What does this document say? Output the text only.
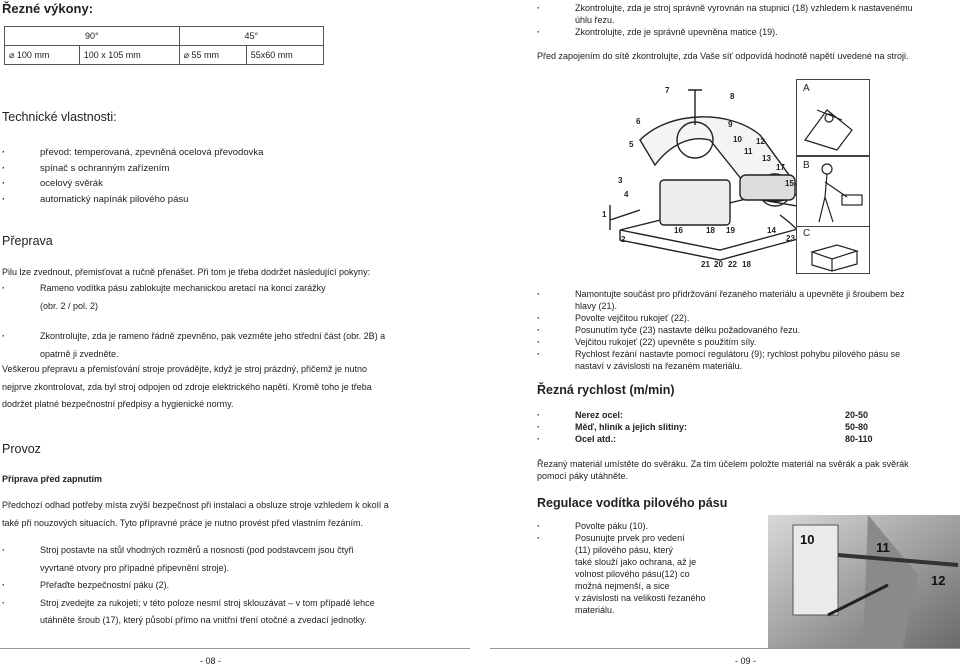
Řezné výkony:
90°		45°	
⌀ 100 mm	100 x 105 mm	⌀ 55 mm	55x60 mm
Technické vlastnosti:
· převod: temperovaná, zpevněná ocelová převodovka
· spínač s ochranným zařízením
· ocelový svěrák
· automatický napínák pilového pásu
Přeprava
Pilu lze zvednout, přemisťovat a ručně přenášet. Při tom je třeba dodržet následující pokyny:
· Rameno vodítka pásu zablokujte mechanickou aretací na konci zarážky
(obr. 2 / pol. 2)
· Zkontrolujte, zda je rameno řádně zpevněno, pak vezměte jeho střední část (obr. 2B) a
opatrně ji zvedněte.
Veškerou přepravu a přemisťování stroje provádějte, když je stroj prázdný, přičemž je nutno
nejprve zkontrolovat, zda byl stroj odpojen od zdroje elektrického napětí. Kromě toho je třeba
dodržet platné bezpečnostní předpisy a hygienické normy.
Provoz
Příprava před zapnutím
Předchozí odhad potřeby místa zvýší bezpečnost při instalaci a obsluze stroje vzhledem k okolí a
také při nouzových situacích. Tyto přípravné práce je nutno provést před vlastním řezáním.
· Stroj postavte na stůl vhodných rozměrů a nosnosti (pod podstavcem jsou čtyři
vyvrtané otvory pro případné připevnění stroje).
· Přeřaďte bezpečnostní páku (2).
· Stroj zvedejte za rukojeti; v této poloze nesmí stroj sklouzávat – v tom případě lehce
utáhněte šroub (17), který působí přímo na vnitřní tření otočné a zvedací jednotky.
- 08 -
· Zkontrolujte, zda je stroj správně vyrovnán na stupnici (18) vzhledem k nastavenému
úhlu řezu.
· Zkontrolujte, zde je správně upevněna matice (19).
Před zapojením do sítě zkontrolujte, zda Vaše síť odpovídá hodnotě napětí uvedené na stroji.
7
8
6	9
10
5
11
12
13
17
15
3
4
1
2
16	18 19	14
23
21 20 22 18
A
B
C
· Namontujte součást pro přidržování řezaného materiálu a upevněte ji šroubem bez
hlavy (21).
· Povolte vejčitou rukojeť (22).
· Posunutím tyče (23) nastavte délku požadovaného řezu.
· Vejčitou rukojeť (22) upevněte s použitím síly.
· Rychlost řezání nastavte pomocí regulátoru (9); rychlost pohybu pilového pásu se
nastaví v závislosti na řezaném materiálu.
Řezná rychlost (m/min)
· Nerez ocel:	20-50
· Měď, hliník a jejich slitiny:	50-80
· Ocel atd.:	80-110
Řezaný materiál umístěte do svěráku. Za tím účelem položte materiál na svěrák a pak svěrák
pomocí páky utáhněte.
Regulace vodítka pilového pásu
· Povolte páku (10).
· Posunujte prvek pro vedení
(11) pilového pásu, který
také slouží jako ochrana, až je
volnost pilového pásu(12) co
možná nejmenší, a sice
v závislosti na velikosti řezaného
materiálu.
10
11
12
- 09 -
